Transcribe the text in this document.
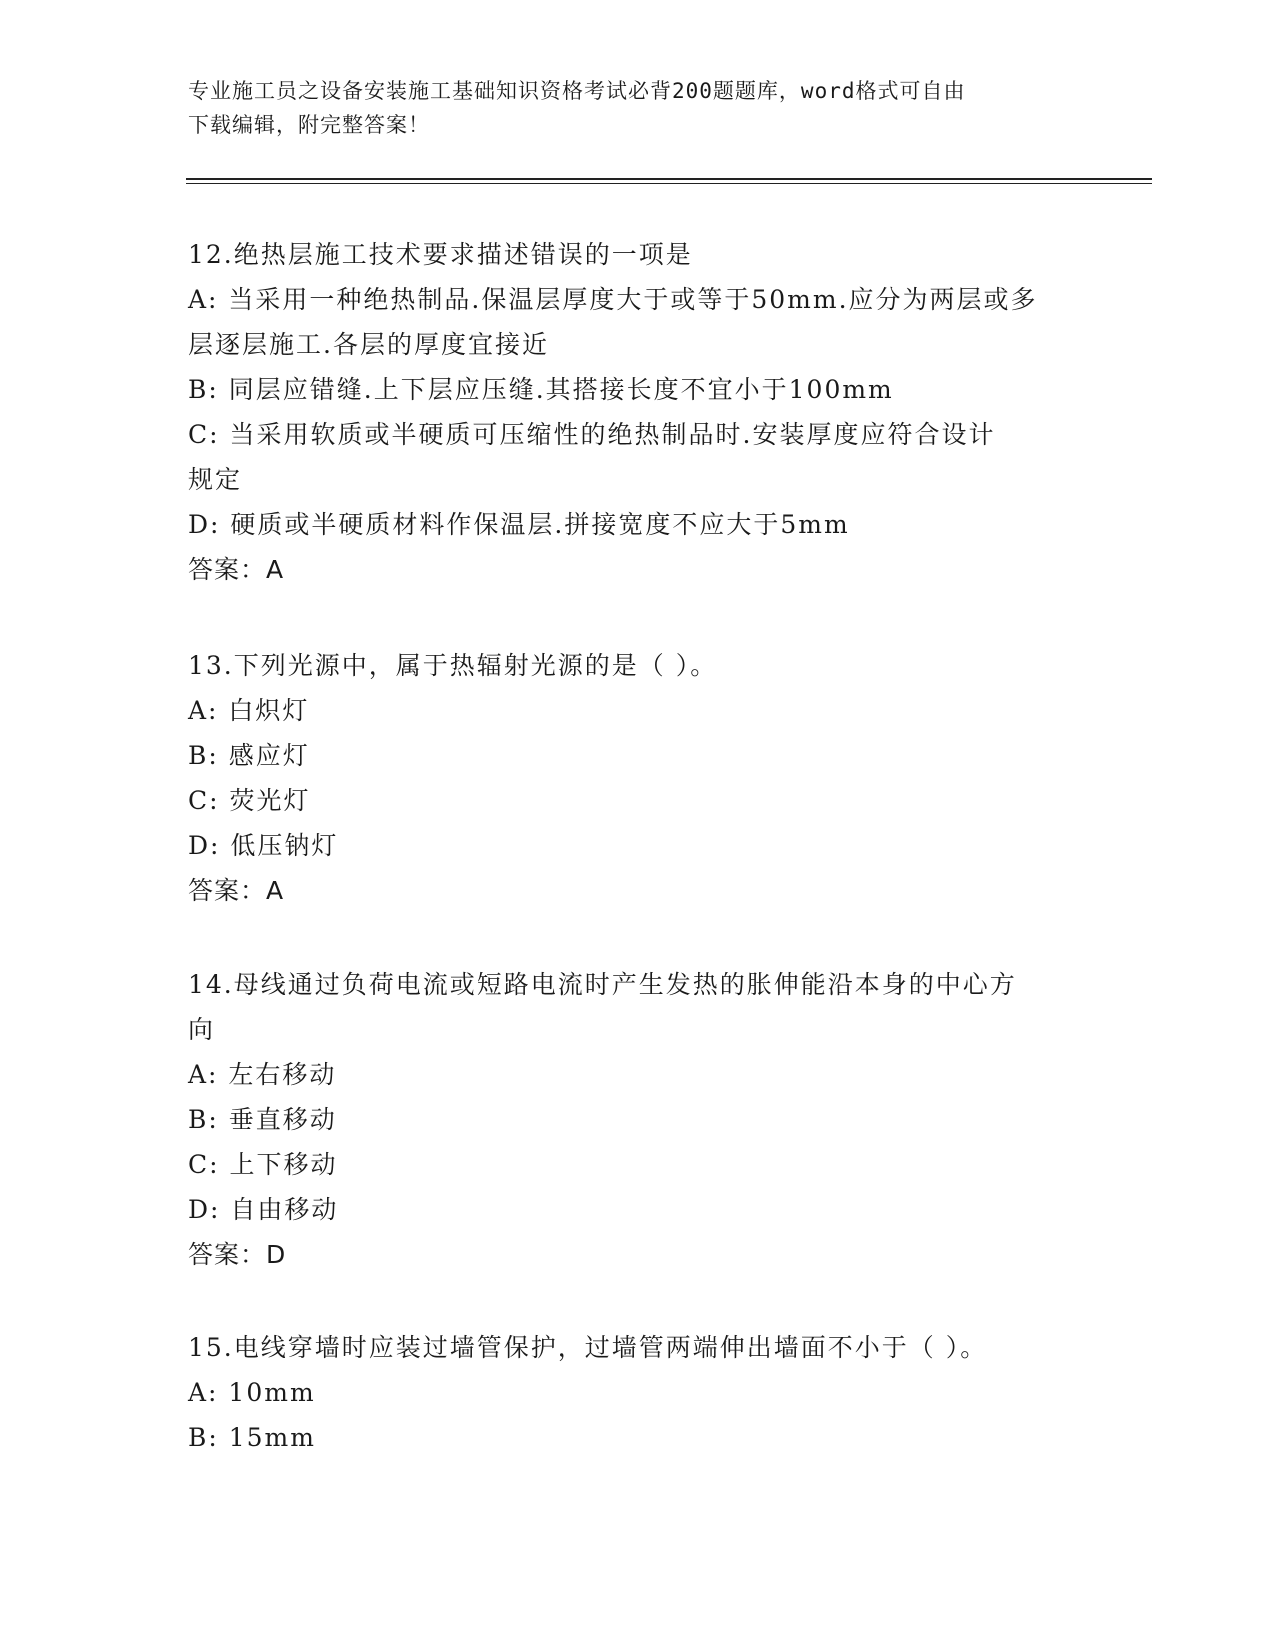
专业施工员之设备安装施工基础知识资格考试必背200题题库，word格式可自由
下载编辑，附完整答案！
12.绝热层施工技术要求描述错误的一项是
A: 当采用一种绝热制品.保温层厚度大于或等于50mm.应分为两层或多
层逐层施工.各层的厚度宜接近
B: 同层应错缝.上下层应压缝.其搭接长度不宜小于100mm
C: 当采用软质或半硬质可压缩性的绝热制品时.安装厚度应符合设计
规定
D: 硬质或半硬质材料作保温层.拼接宽度不应大于5mm
答案：A
13.下列光源中，属于热辐射光源的是（ ）。
A: 白炽灯
B: 感应灯
C: 荧光灯
D: 低压钠灯
答案：A
14.母线通过负荷电流或短路电流时产生发热的胀伸能沿本身的中心方
向
A: 左右移动
B: 垂直移动
C: 上下移动
D: 自由移动
答案：D
15.电线穿墙时应装过墙管保护，过墙管两端伸出墙面不小于（ ）。
A: 10mm
B: 15mm
